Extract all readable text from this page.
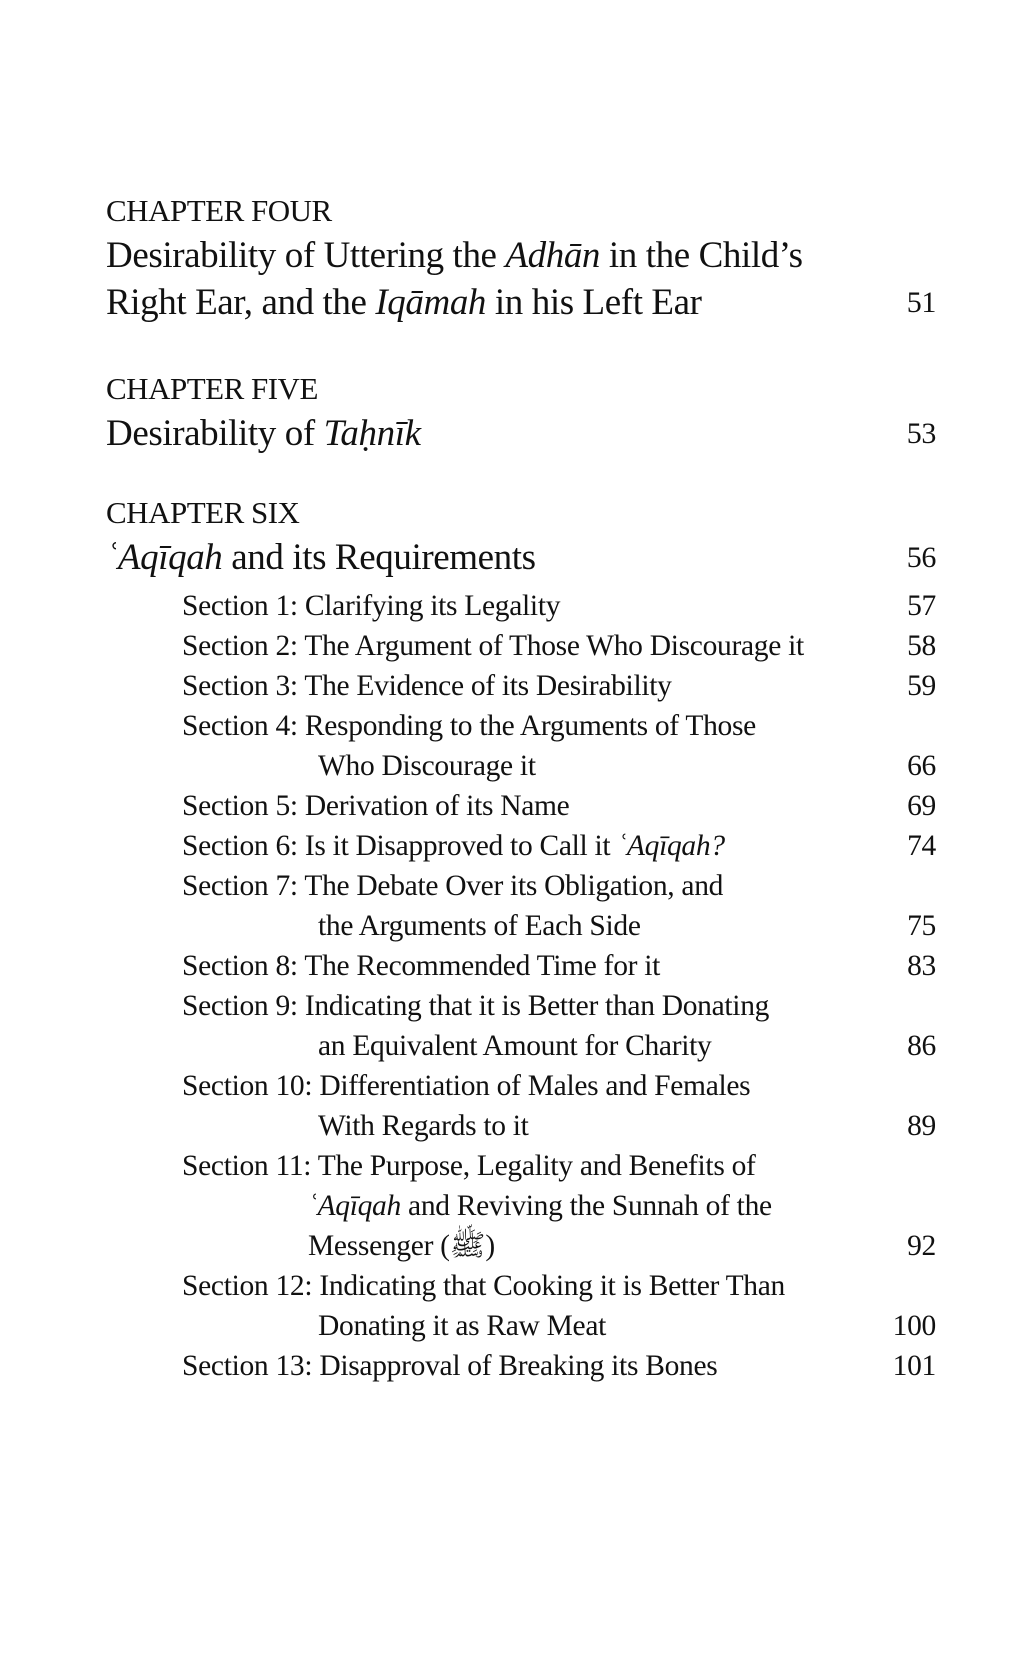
CHAPTER FOUR
Desirability of Uttering the Adhān in the Child’s
Right Ear, and the Iqāmah in his Left Ear	51
CHAPTER FIVE
Desirability of Taḥnīk	53
CHAPTER SIX
ʿAqīqah and its Requirements	56
Section 1: Clarifying its Legality	57
Section 2: The Argument of Those Who Discourage it	58
Section 3: The Evidence of its Desirability	59
Section 4: Responding to the Arguments of Those
Who Discourage it	66
Section 5: Derivation of its Name	69
Section 6: Is it Disapproved to Call it ʿAqīqah?	74
Section 7: The Debate Over its Obligation, and
the Arguments of Each Side	75
Section 8: The Recommended Time for it	83
Section 9: Indicating that it is Better than Donating
an Equivalent Amount for Charity	86
Section 10: Differentiation of Males and Females
With Regards to it	89
Section 11: The Purpose, Legality and Benefits of
ʿAqīqah and Reviving the Sunnah of the
Messenger (ﷺ)	92
Section 12: Indicating that Cooking it is Better Than
Donating it as Raw Meat	100
Section 13: Disapproval of Breaking its Bones	101
